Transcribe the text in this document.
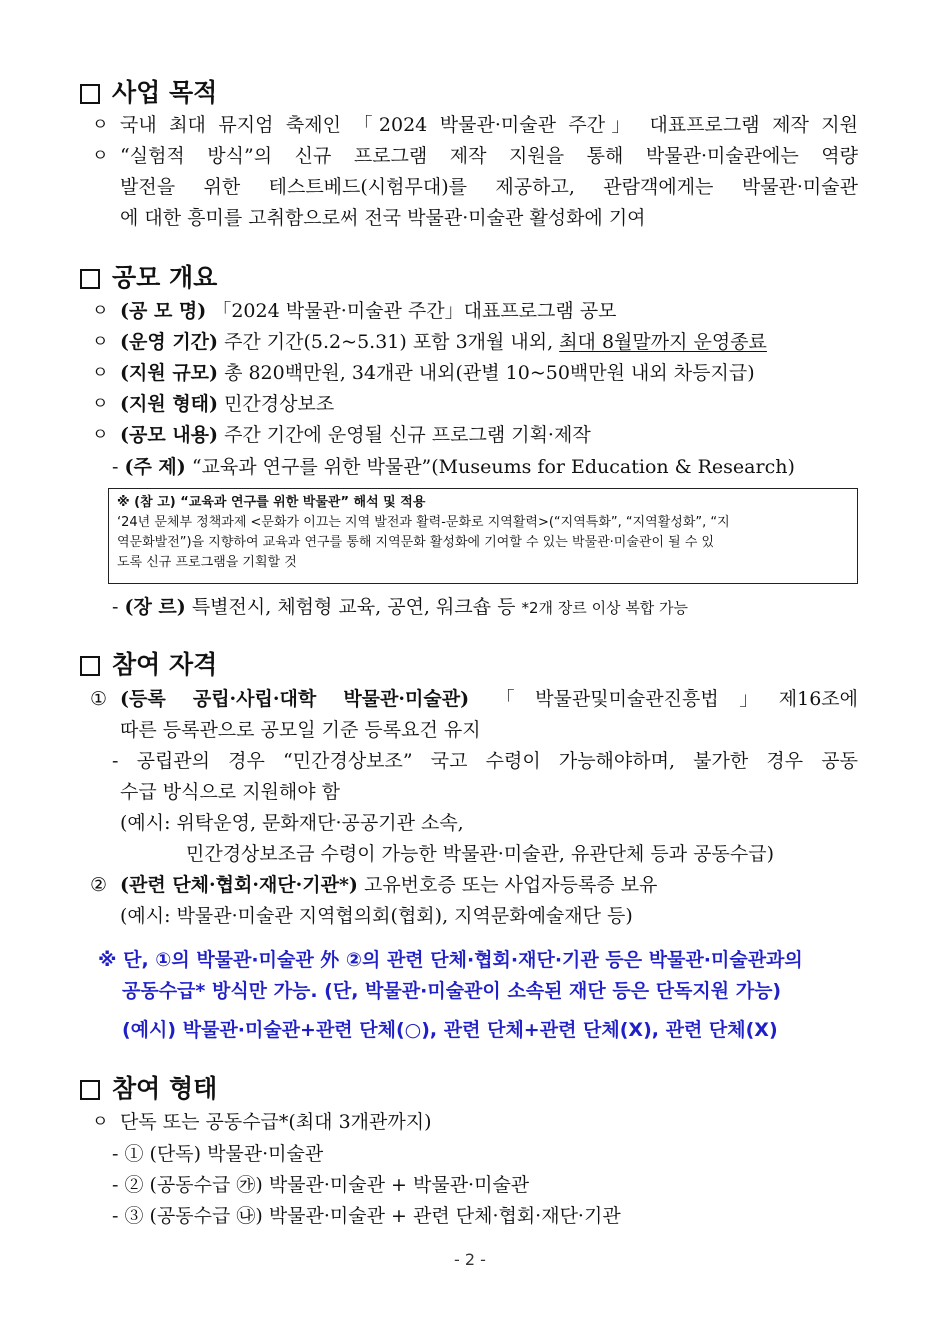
사업 목적
ㅇ 국내 최대 뮤지엄 축제인 「2024 박물관·미술관 주간」 대표프로그램 제작 지원
ㅇ “실험적 방식”의 신규 프로그램 제작 지원을 통해 박물관·미술관에는 역량
발전을 위한 테스트베드(시험무대)를 제공하고, 관람객에게는 박물관·미술관
에 대한 흥미를 고취함으로써 전국 박물관·미술관 활성화에 기여
공모 개요
ㅇ (공 모 명) 「2024 박물관·미술관 주간」대표프로그램 공모
ㅇ (운영 기간) 주간 기간(5.2~5.31) 포함 3개월 내외, 최대 8월말까지 운영종료
ㅇ (지원 규모) 총 820백만원, 34개관 내외(관별 10~50백만원 내외 차등지급)
ㅇ (지원 형태) 민간경상보조
ㅇ (공모 내용) 주간 기간에 운영될 신규 프로그램 기획·제작
- (주 제) “교육과 연구를 위한 박물관”(Museums for Education & Research)
※ (참 고) “교육과 연구를 위한 박물관” 해석 및 적용
‘24년 문체부 정책과제 <문화가 이끄는 지역 발전과 활력-문화로 지역활력>(“지역특화”, “지역활성화”, “지
역문화발전”)을 지향하여 교육과 연구를 통해 지역문화 활성화에 기여할 수 있는 박물관·미술관이 될 수 있
도록 신규 프로그램을 기획할 것
- (장 르) 특별전시, 체험형 교육, 공연, 워크숍 등 *2개 장르 이상 복합 가능
참여 자격
① (등록 공립·사립·대학 박물관·미술관) 「박물관및미술관진흥법」제16조에
따른 등록관으로 공모일 기준 등록요건 유지
- 공립관의 경우 “민간경상보조” 국고 수령이 가능해야하며, 불가한 경우 공동
수급 방식으로 지원해야 함
(예시: 위탁운영, 문화재단·공공기관 소속,
민간경상보조금 수령이 가능한 박물관·미술관, 유관단체 등과 공동수급)
② (관련 단체·협회·재단·기관*) 고유번호증 또는 사업자등록증 보유
(예시: 박물관·미술관 지역협의회(협회), 지역문화예술재단 등)
※ 단, ①의 박물관·미술관 外 ②의 관련 단체·협회·재단·기관 등은 박물관·미술관과의
공동수급* 방식만 가능. (단, 박물관·미술관이 소속된 재단 등은 단독지원 가능)
(예시) 박물관·미술관+관련 단체(○), 관련 단체+관련 단체(X), 관련 단체(X)
참여 형태
ㅇ 단독 또는 공동수급*(최대 3개관까지)
- ① (단독) 박물관·미술관
- ② (공동수급 ㉮) 박물관·미술관 + 박물관·미술관
- ③ (공동수급 ㉯) 박물관·미술관 + 관련 단체·협회·재단·기관
- 2 -
